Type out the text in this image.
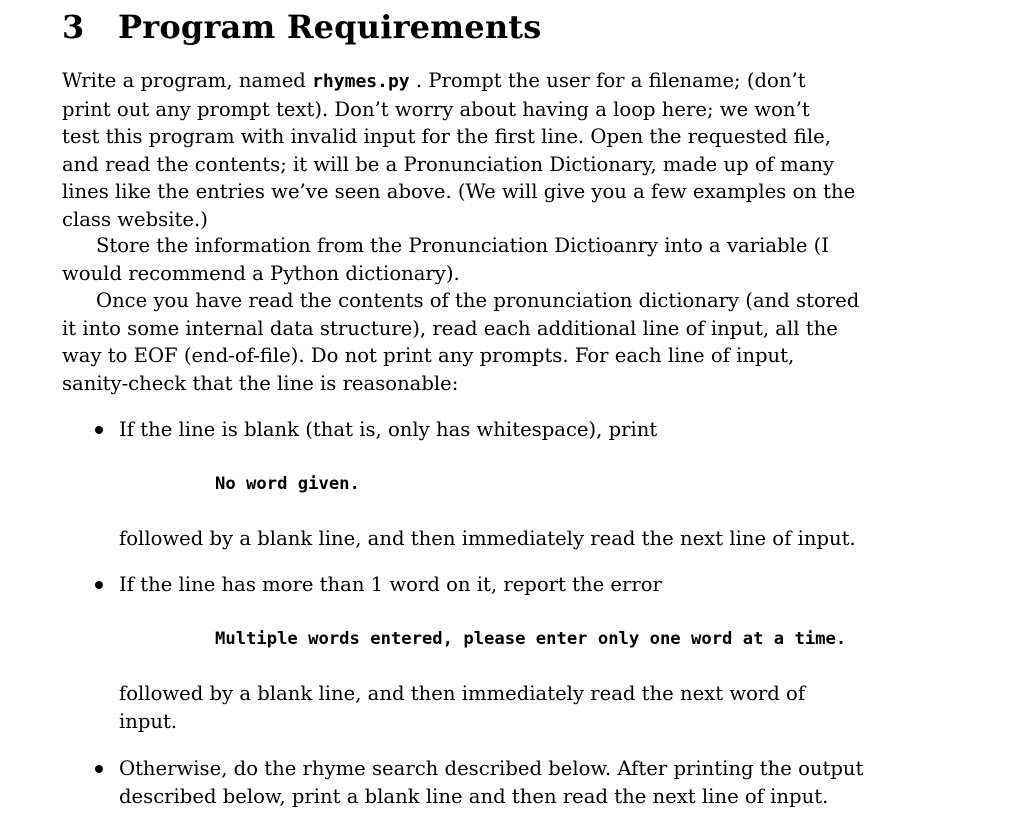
3 Program Requirements

Write a program, named rhymes.py . Prompt the user for a filename; (don’t
print out any prompt text). Don’t worry about having a loop here; we won’t
test this program with invalid input for the first line. Open the requested file,
and read the contents; it will be a Pronunciation Dictionary, made up of many
lines like the entries we’ve seen above. (We will give you a few examples on the
class website.)

Store the information from the Pronunciation Dictioanry into a variable (I
would recommend a Python dictionary).

Once you have read the contents of the pronunciation dictionary (and stored
it into some internal data structure), read each additional line of input, all the
way to EOF (end-of-file). Do not print any prompts. For each line of input,
sanity-check that the line is reasonable:

If the line is blank (that is, only has whitespace), print
No word given.
followed by a blank line, and then immediately read the next line of input.
If the line has more than 1 word on it, report the error
Multiple words entered, please enter only one word at a time.
followed by a blank line, and then immediately read the next word of
input.
Otherwise, do the rhyme search described below. After printing the output
described below, print a blank line and then read the next line of input.
